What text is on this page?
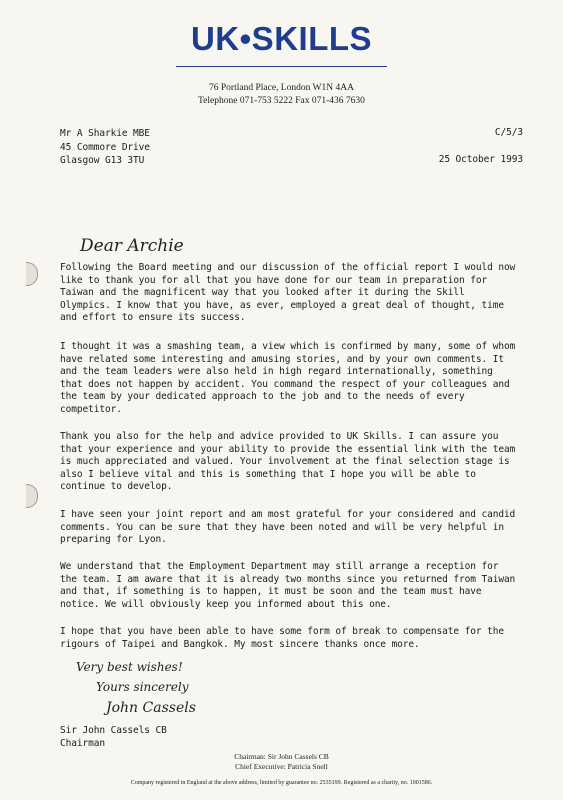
UK•SKILLS
76 Portland Place, London W1N 4AA
Telephone 071-753 5222 Fax 071-436 7630
Mr A Sharkie MBE
45 Commore Drive
Glasgow G13 3TU
C/5/3
25 October 1993
Dear Archie

Following the Board meeting and our discussion of the official report I would now like to thank you for all that you have done for our team in preparation for Taiwan and the magnificent way that you looked after it during the Skill Olympics. I know that you have, as ever, employed a great deal of thought, time and effort to ensure its success.

I thought it was a smashing team, a view which is confirmed by many, some of whom have related some interesting and amusing stories, and by your own comments. It and the team leaders were also held in high regard internationally, something that does not happen by accident. You command the respect of your colleagues and the team by your dedicated approach to the job and to the needs of every competitor.

Thank you also for the help and advice provided to UK Skills. I can assure you that your experience and your ability to provide the essential link with the team is much appreciated and valued. Your involvement at the final selection stage is also I believe vital and this is something that I hope you will be able to continue to develop.

I have seen your joint report and am most grateful for your considered and candid comments. You can be sure that they have been noted and will be very helpful in preparing for Lyon.

We understand that the Employment Department may still arrange a reception for the team. I am aware that it is already two months since you returned from Taiwan and that, if something is to happen, it must be soon and the team must have notice. We will obviously keep you informed about this one.

I hope that you have been able to have some form of break to compensate for the rigours of Taipei and Bangkok. My most sincere thanks once more.

Very best wishes!
Yours sincerely
John Cassels
Sir John Cassels CB
Chairman
Chairman: Sir John Cassels CB
Chief Executive: Patricia Snell
Company registered in England at the above address, limited by guarantee no. 2535199. Registered as a charity, no. 1001586.
